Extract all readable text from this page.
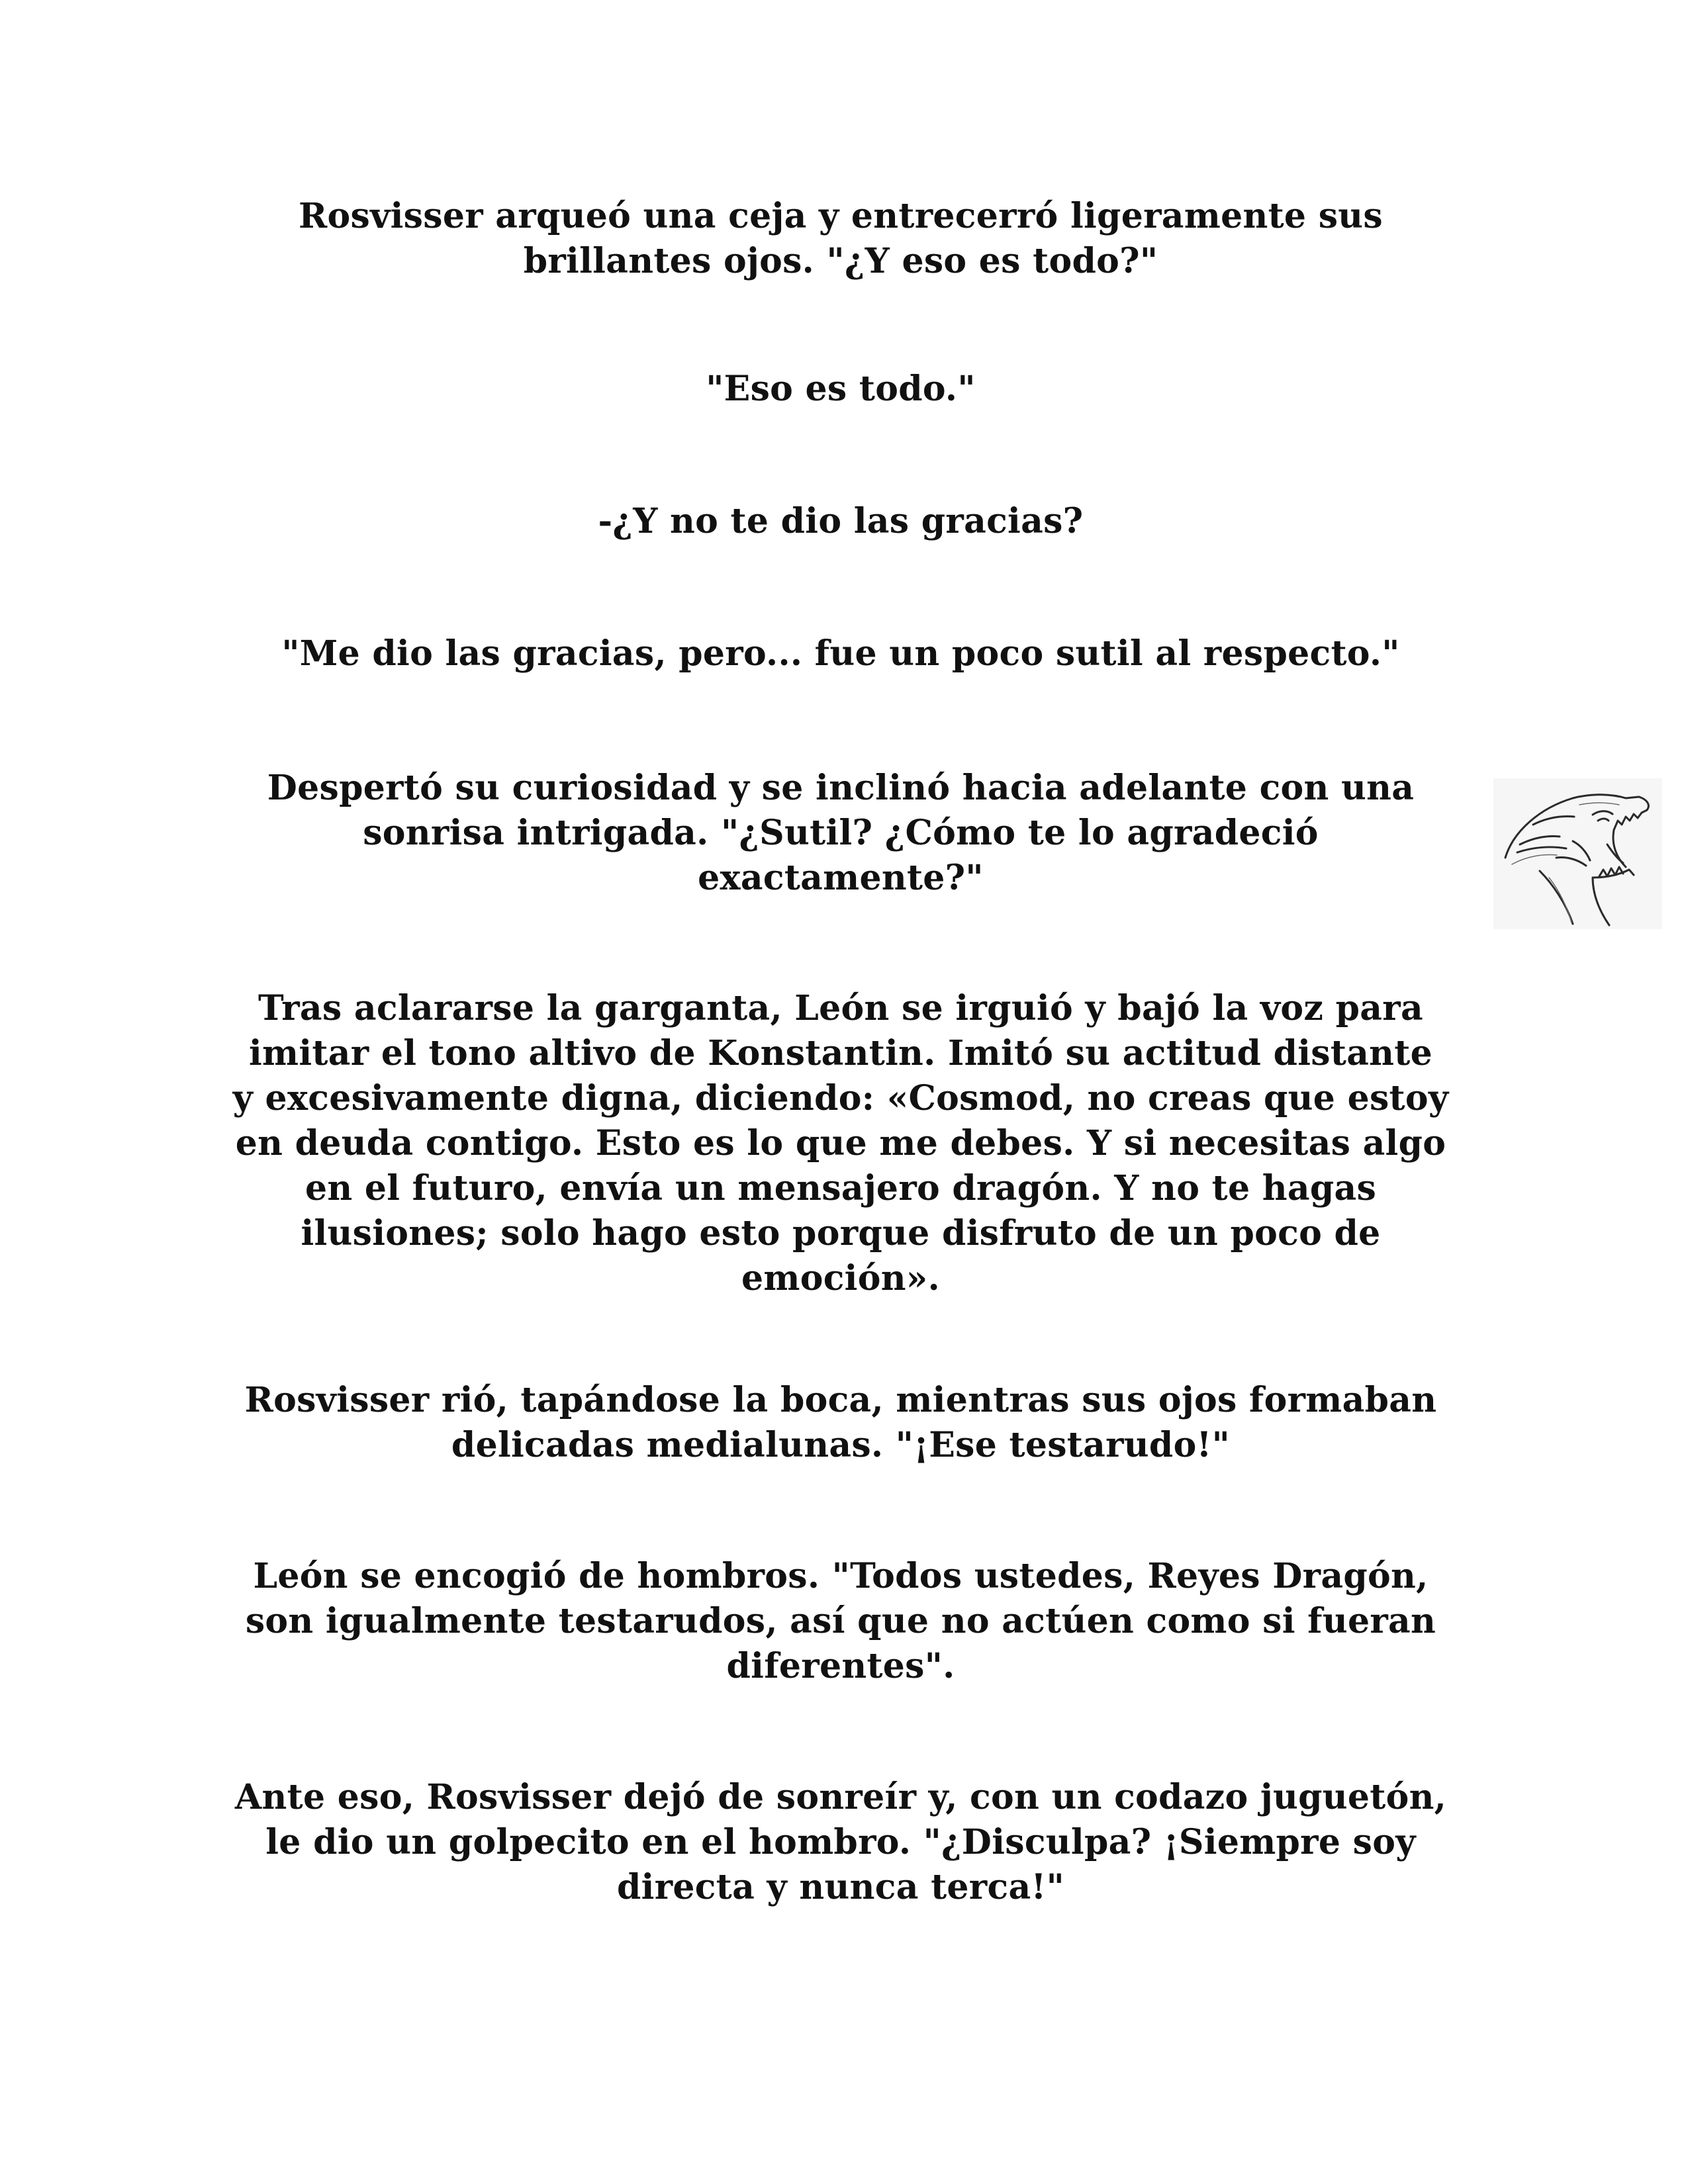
Rosvisser arqueó una ceja y entrecerró ligeramente sus
brillantes ojos. "¿Y eso es todo?"

"Eso es todo."

-¿Y no te dio las gracias?

"Me dio las gracias, pero... fue un poco sutil al respecto."

Despertó su curiosidad y se inclinó hacia adelante con una
sonrisa intrigada. "¿Sutil? ¿Cómo te lo agradeció
exactamente?"

Tras aclararse la garganta, León se irguió y bajó la voz para
imitar el tono altivo de Konstantin. Imitó su actitud distante
y excesivamente digna, diciendo: «Cosmod, no creas que estoy
en deuda contigo. Esto es lo que me debes. Y si necesitas algo
en el futuro, envía un mensajero dragón. Y no te hagas
ilusiones; solo hago esto porque disfruto de un poco de
emoción».

Rosvisser rió, tapándose la boca, mientras sus ojos formaban
delicadas medialunas. "¡Ese testarudo!"

León se encogió de hombros. "Todos ustedes, Reyes Dragón,
son igualmente testarudos, así que no actúen como si fueran
diferentes".

Ante eso, Rosvisser dejó de sonreír y, con un codazo juguetón,
le dio un golpecito en el hombro. "¿Disculpa? ¡Siempre soy
directa y nunca terca!"
